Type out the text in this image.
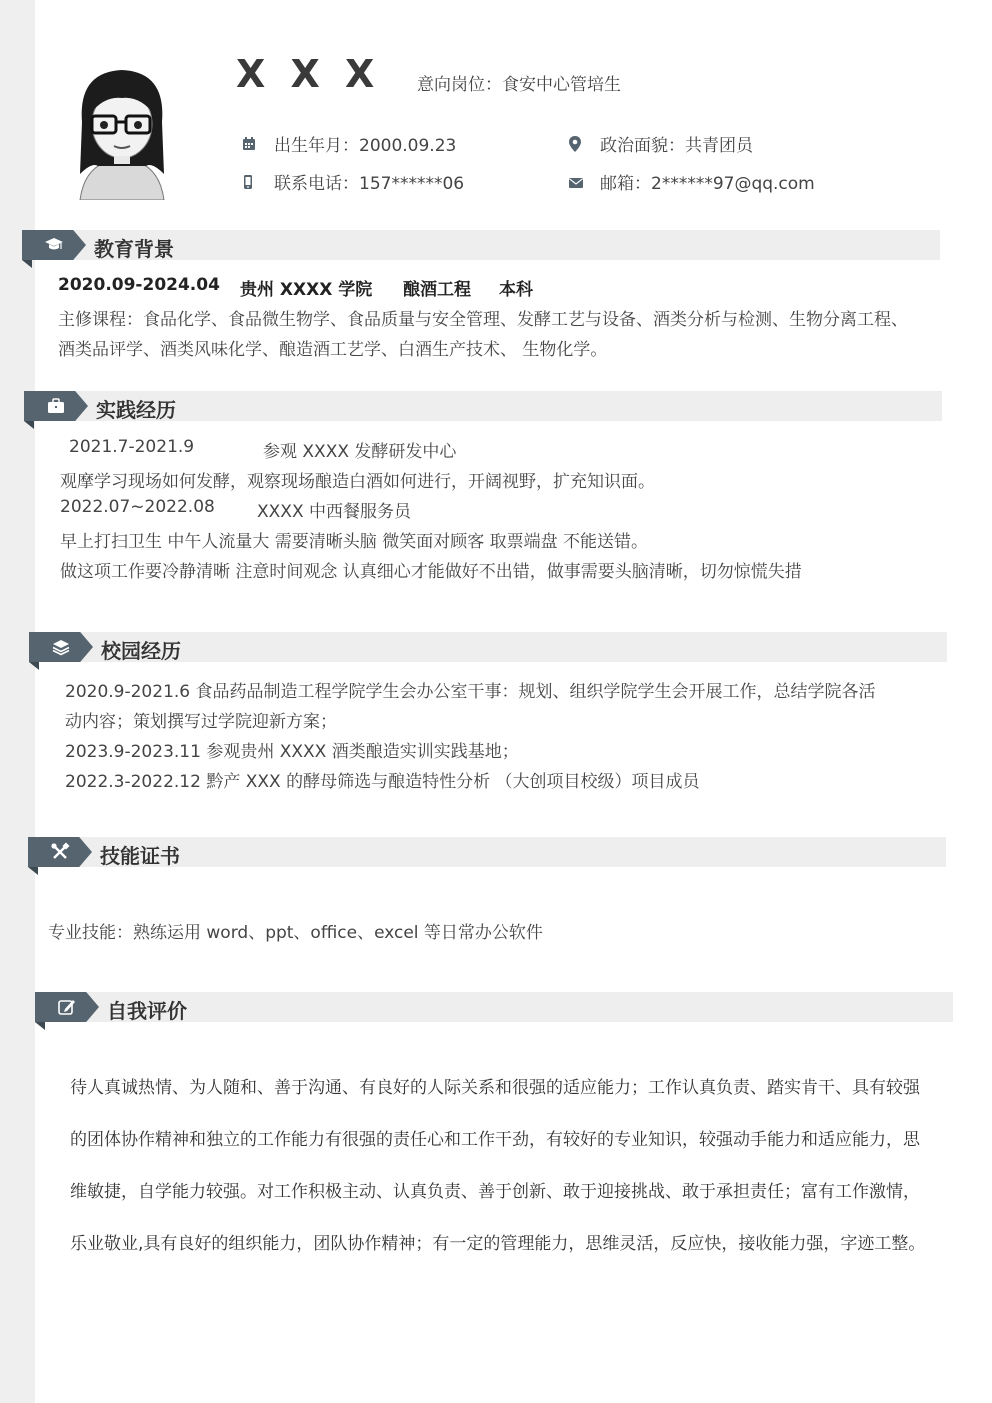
X X X 意向岗位：食安中心管培生
出生年月：2000.09.23	政治面貌：共青团员
联系电话：157******06	邮箱：2******97@qq.com
教育背景
2020.09-2024.04 贵州 XXXX 学院 酿酒工程 本科
主修课程：食品化学、食品微生物学、食品质量与安全管理、发酵工艺与设备、酒类分析与检测、生物分离工程、
酒类品评学、酒类风味化学、酿造酒工艺学、白酒生产技术、 生物化学。
实践经历
2021.7-2021.9	参观 XXXX 发酵研发中心
观摩学习现场如何发酵，观察现场酿造白酒如何进行，开阔视野，扩充知识面。
2022.07~2022.08 XXXX 中西餐服务员
早上打扫卫生 中午人流量大 需要清晰头脑 微笑面对顾客 取票端盘 不能送错。
做这项工作要冷静清晰 注意时间观念 认真细心才能做好不出错，做事需要头脑清晰，切勿惊慌失措
校园经历
2020.9-2021.6 食品药品制造工程学院学生会办公室干事：规划、组织学院学生会开展工作，总结学院各活
动内容；策划撰写过学院迎新方案；
2023.9-2023.11 参观贵州 XXXX 酒类酿造实训实践基地；
2022.3-2022.12 黔产 XXX 的酵母筛选与酿造特性分析 （大创项目校级）项目成员
技能证书
专业技能：熟练运用 word、ppt、office、excel 等日常办公软件
自我评价
待人真诚热情、为人随和、善于沟通、有良好的人际关系和很强的适应能力；工作认真负责、踏实肯干、具有较强
的团体协作精神和独立的工作能力有很强的责任心和工作干劲，有较好的专业知识，较强动手能力和适应能力，思
维敏捷，自学能力较强。对工作积极主动、认真负责、善于创新、敢于迎接挑战、敢于承担责任；富有工作激情，
乐业敬业,具有良好的组织能力，团队协作精神；有一定的管理能力，思维灵活，反应快，接收能力强，字迹工整。
